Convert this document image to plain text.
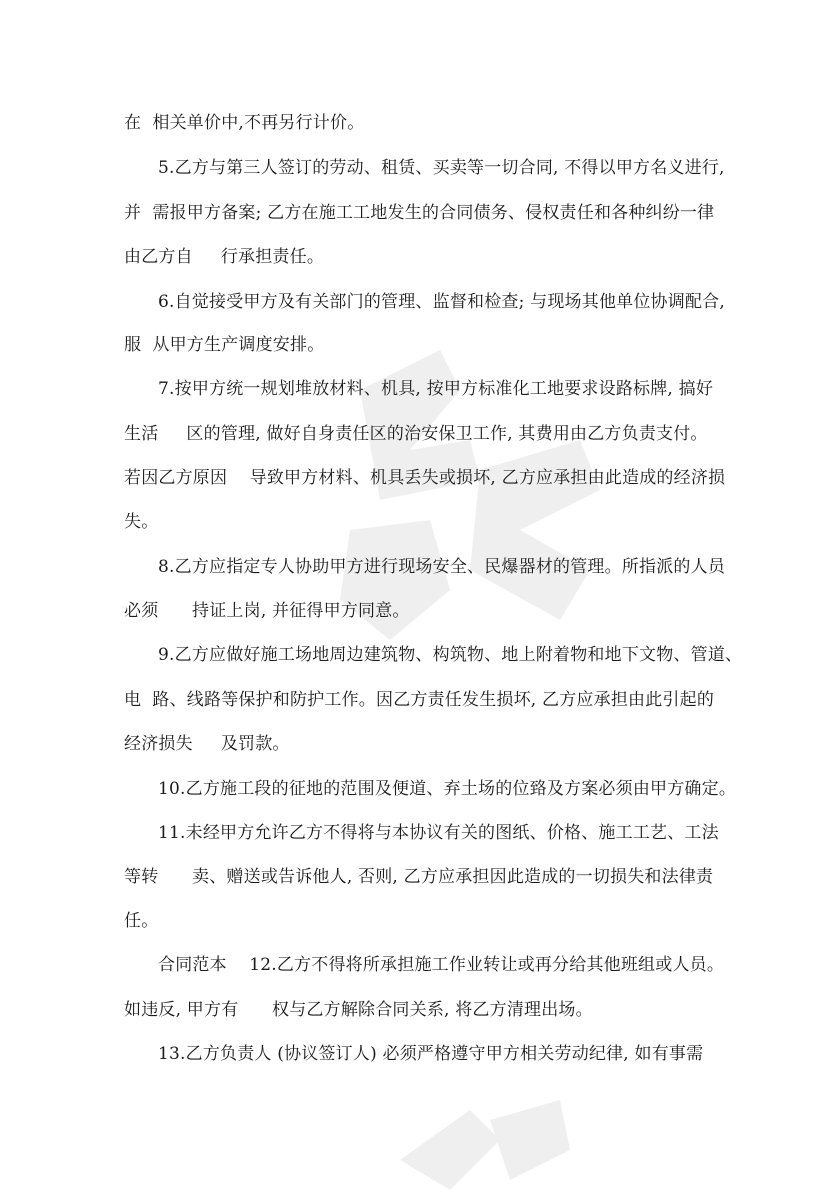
在  相关单价中,不再另行计价。
5.乙方与第三人签订的劳动、租赁、买卖等一切合同, 不得以甲方名义进行,
并  需报甲方备案; 乙方在施工工地发生的合同债务、侵权责任和各种纠纷一律
由乙方自     行承担责任。
6.自觉接受甲方及有关部门的管理、监督和检查; 与现场其他单位协调配合,
服  从甲方生产调度安排。
7.按甲方统一规划堆放材料、机具, 按甲方标准化工地要求设路标牌, 搞好
生活     区的管理, 做好自身责任区的治安保卫工作, 其费用由乙方负责支付。
若因乙方原因    导致甲方材料、机具丢失或损坏, 乙方应承担由此造成的经济损
失。
8.乙方应指定专人协助甲方进行现场安全、民爆器材的管理。所指派的人员
必须      持证上岗, 并征得甲方同意。
9.乙方应做好施工场地周边建筑物、构筑物、地上附着物和地下文物、管道、
电  路、线路等保护和防护工作。因乙方责任发生损坏, 乙方应承担由此引起的
经济损失     及罚款。
10.乙方施工段的征地的范围及便道、弃土场的位臵及方案必须由甲方确定。
11.未经甲方允许乙方不得将与本协议有关的图纸、价格、施工工艺、工法
等转      卖、赠送或告诉他人, 否则, 乙方应承担因此造成的一切损失和法律责
任。
合同范本    12.乙方不得将所承担施工作业转让或再分给其他班组或人员。
如违反, 甲方有      权与乙方解除合同关系, 将乙方清理出场。
13.乙方负责人 (协议签订人) 必须严格遵守甲方相关劳动纪律, 如有事需
